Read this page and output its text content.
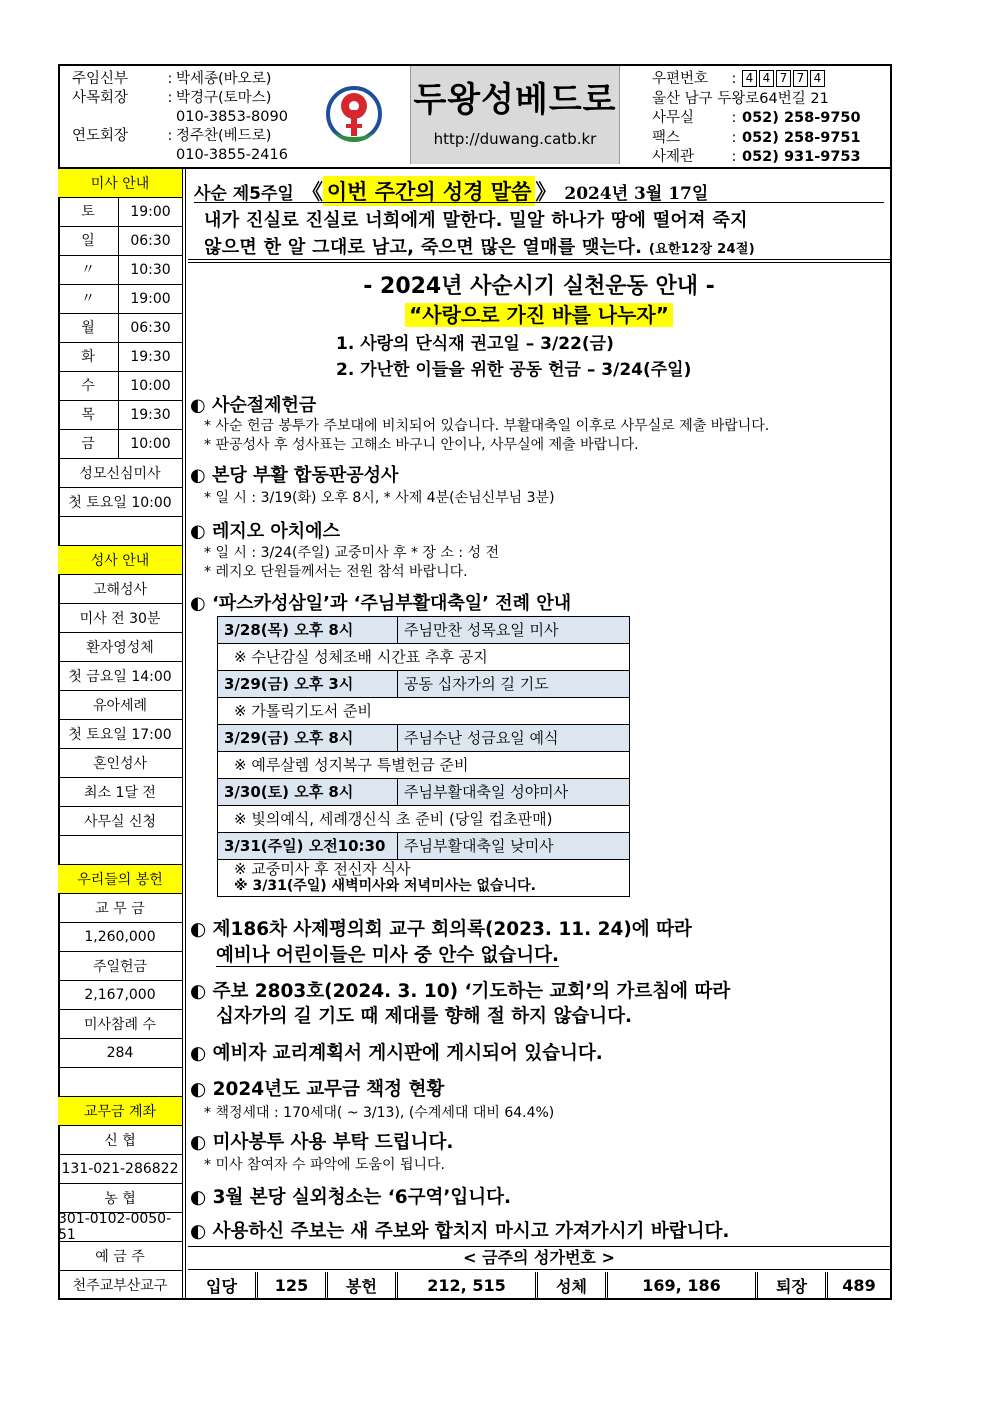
주임신부	: 박세종(바오로)
사목회장	: 박경구(토마스)
010-3853-8090
연도회장	: 정주찬(베드로)
010-3855-2416
두왕성베드로
http://duwang.catb.kr
우편번호	: 4 4 7 7 4
울산 남구 두왕로64번길 21
사무실	: 052) 258-9750
팩스	: 052) 258-9751
사제관	: 052) 931-9753
미사 안내
토	19:00
일	06:30
〃	10:30
〃	19:00
월	06:30
화	19:30
수	10:00
목	19:30
금	10:00
성모신심미사
첫 토요일 10:00
성사 안내
고해성사
미사 전 30분
환자영성체
첫 금요일 14:00
유아세례
첫 토요일 17:00
혼인성사
최소 1달 전
사무실 신청
우리들의 봉헌
교 무 금
1,260,000
주일헌금
2,167,000
미사참례 수
284
교무금 계좌
신 협
131-021-286822
농 협
301-0102-0050-51
예 금 주
천주교부산교구
사순 제5주일 《 이번 주간의 성경 말씀 》 2024년 3월 17일
내가 진실로 진실로 너희에게 말한다. 밀알 하나가 땅에 떨어져 죽지
않으면 한 알 그대로 남고, 죽으면 많은 열매를 맺는다. (요한12장 24절)
- 2024년 사순시기 실천운동 안내 -
“사랑으로 가진 바를 나누자”
1. 사랑의 단식재 권고일 – 3/22(금)
2. 가난한 이들을 위한 공동 헌금 – 3/24(주일)
◐ 사순절제헌금
* 사순 헌금 봉투가 주보대에 비치되어 있습니다. 부활대축일 이후로 사무실로 제출 바랍니다.
* 판공성사 후 성사표는 고해소 바구니 안이나, 사무실에 제출 바랍니다.
◐ 본당 부활 합동판공성사
* 일 시 : 3/19(화) 오후 8시, * 사제 4분(손님신부님 3분)
◐ 레지오 아치에스
* 일 시 : 3/24(주일) 교중미사 후 * 장 소 : 성 전
* 레지오 단원들께서는 전원 참석 바랍니다.
◐ ‘파스카성삼일’과 ‘주님부활대축일’ 전례 안내
3/28(목) 오후 8시	주님만찬 성목요일 미사
※ 수난감실 성체조배 시간표 추후 공지
3/29(금) 오후 3시	공동 십자가의 길 기도
※ 가톨릭기도서 준비
3/29(금) 오후 8시	주님수난 성금요일 예식
※ 예루살렘 성지복구 특별헌금 준비
3/30(토) 오후 8시	주님부활대축일 성야미사
※ 빛의예식, 세례갱신식 초 준비 (당일 컵초판매)
3/31(주일) 오전10:30	주님부활대축일 낮미사
※ 교중미사 후 전신자 식사
※ 3/31(주일) 새벽미사와 저녁미사는 없습니다.
◐ 제186차 사제평의회 교구 회의록(2023. 11. 24)에 따라
예비나 어린이들은 미사 중 안수 없습니다.
◐ 주보 2803호(2024. 3. 10) ‘기도하는 교회’의 가르침에 따라
십자가의 길 기도 때 제대를 향해 절 하지 않습니다.
◐ 예비자 교리계획서 게시판에 게시되어 있습니다.
◐ 2024년도 교무금 책정 현황
* 책정세대 : 170세대( ~ 3/13), (수계세대 대비 64.4%)
◐ 미사봉투 사용 부탁 드립니다.
* 미사 참여자 수 파악에 도움이 됩니다.
◐ 3월 본당 실외청소는 ‘6구역’입니다.
◐ 사용하신 주보는 새 주보와 합치지 마시고 가져가시기 바랍니다.
< 금주의 성가번호 >
입당	125	봉헌	212, 515	성체	169, 186	퇴장	489
